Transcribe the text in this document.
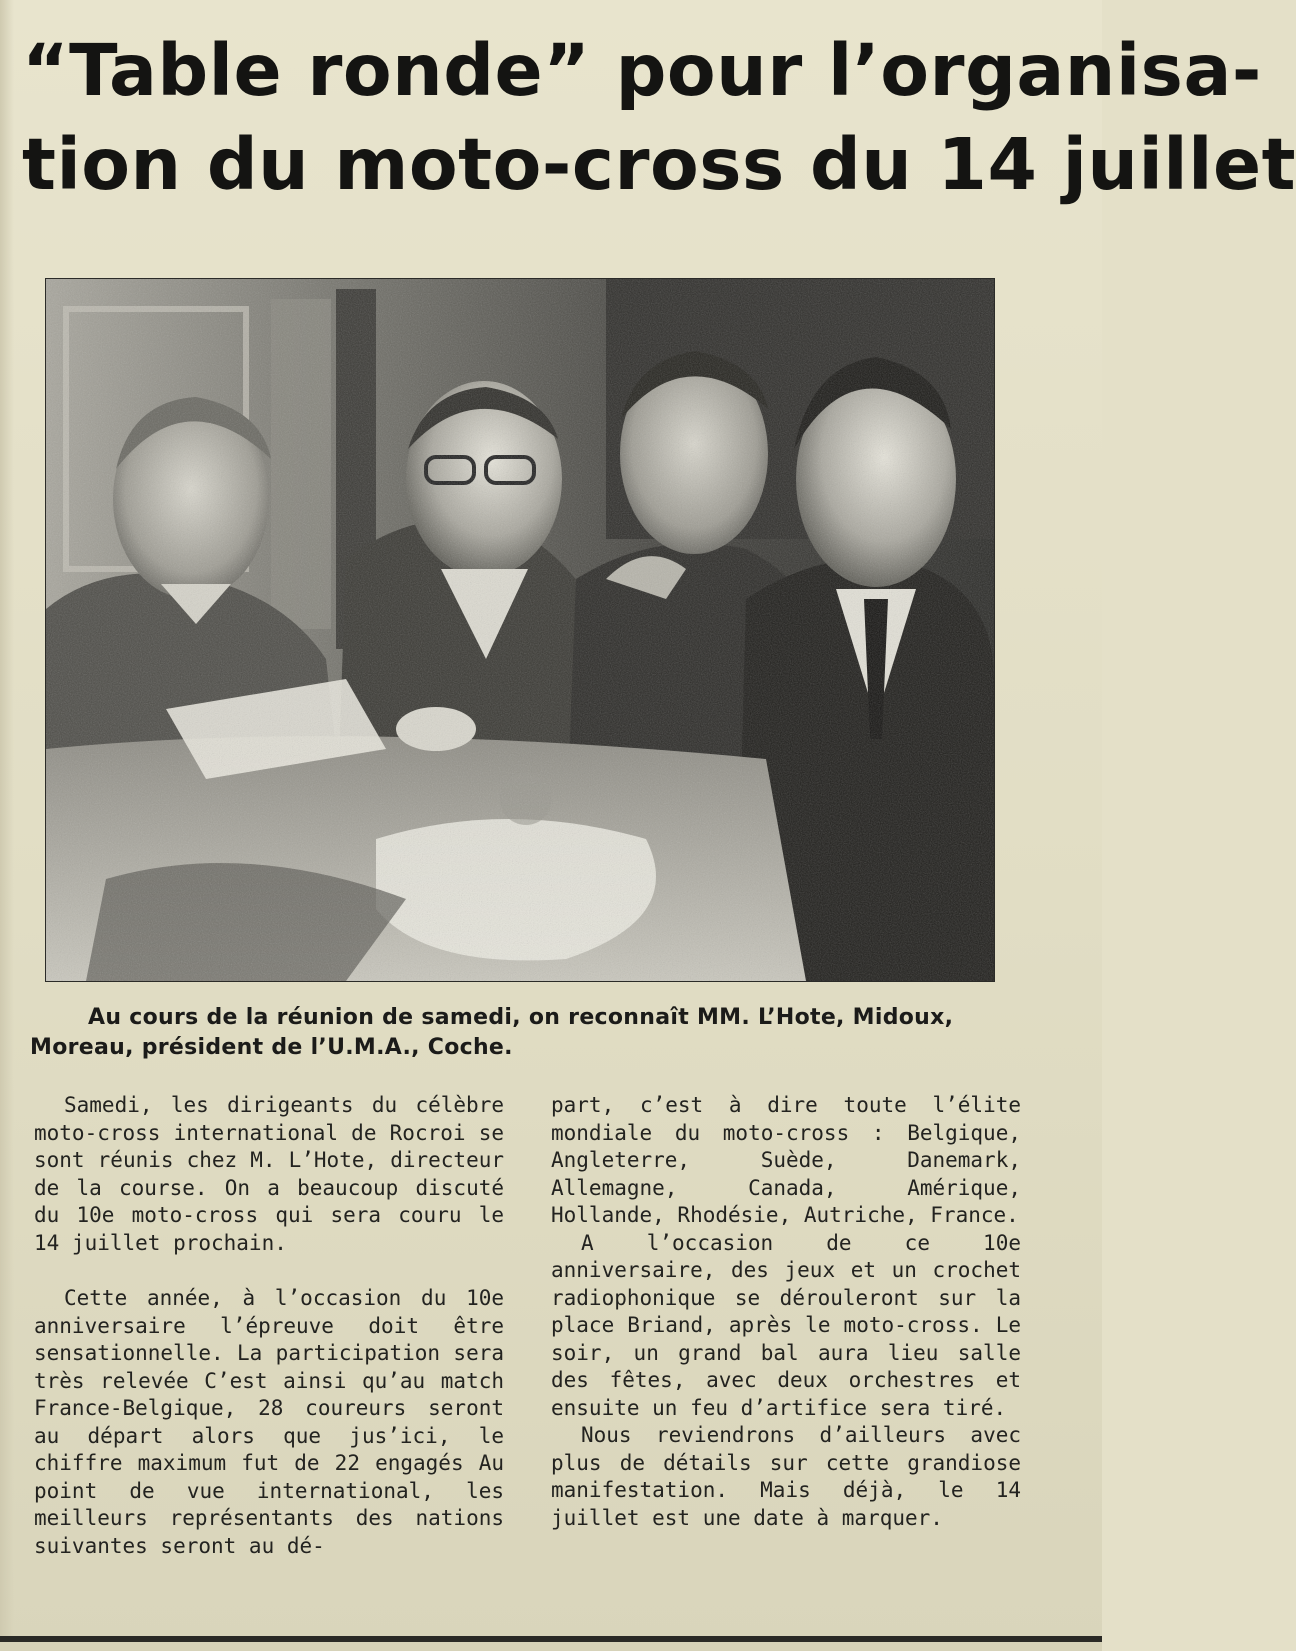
“Table ronde” pour l’organisa-
tion du moto-cross du 14 juillet

Au cours de la réunion de samedi, on reconnaît MM. L’Hote, Midoux, Moreau, président de l’U.M.A., Coche.

Samedi, les dirigeants du célèbre moto-cross international de Rocroi se sont réunis chez M. L’Hote, directeur de la course. On a beaucoup discuté du 10e moto-cross qui sera couru le 14 juillet prochain.

Cette année, à l’occasion du 10e anniversaire l’épreuve doit être sensationnelle. La participation sera très relevée C’est ainsi qu’au match France-Belgique, 28 coureurs seront au départ alors que jus’ici, le chiffre maximum fut de 22 engagés Au point de vue international, les meilleurs représentants des nations suivantes seront au dé-

part, c’est à dire toute l’élite mondiale du moto-cross : Belgique, Angleterre, Suède, Danemark, Allemagne, Canada, Amérique, Hollande, Rhodésie, Autriche, France.

A l’occasion de ce 10e anniversaire, des jeux et un crochet radiophonique se dérouleront sur la place Briand, après le moto-cross. Le soir, un grand bal aura lieu salle des fêtes, avec deux orchestres et ensuite un feu d’artifice sera tiré.

Nous reviendrons d’ailleurs avec plus de détails sur cette grandiose manifestation. Mais déjà, le 14 juillet est une date à marquer.
